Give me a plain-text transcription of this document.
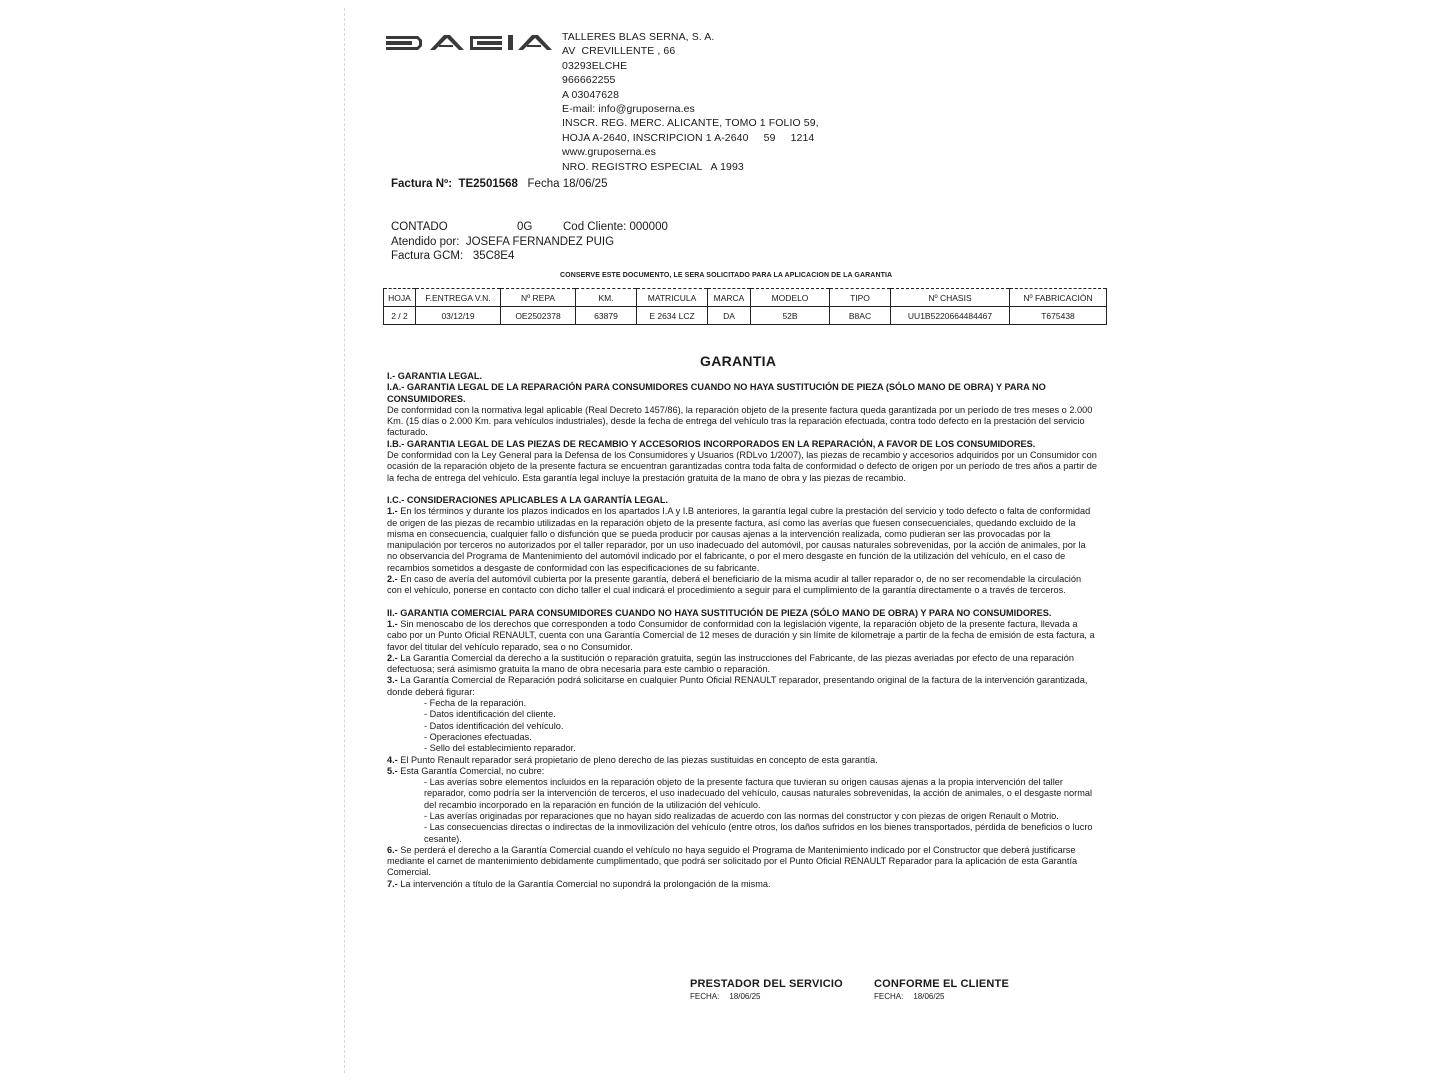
TALLERES BLAS SERNA, S. A.
AV  CREVILLENTE , 66
03293ELCHE
966662255
A 03047628
E-mail: info@gruposerna.es
INSCR. REG. MERC. ALICANTE, TOMO 1 FOLIO 59,
HOJA A-2640, INSCRIPCION 1 A-2640     59     1214
www.gruposerna.es
NRO. REGISTRO ESPECIAL   A 1993
Factura Nº: TE2501568 Fecha 18/06/25
CONTADO	0G	Cod Cliente: 000000
Atendido por: JOSEFA FERNANDEZ PUIG
Factura GCM: 35C8E4
CONSERVE ESTE DOCUMENTO, LE SERA SOLICITADO PARA LA APLICACION DE LA GARANTIA
HOJA	F.ENTREGA V.N.	Nº REPA	KM.	MATRICULA	MARCA	MODELO	TIPO	Nº CHASIS	Nº FABRICACIÓN
2 / 2	03/12/19	OE2502378	63879	E 2634 LCZ	DA	52B	B8AC	UU1B5220664484467	T675438
GARANTIA

I.- GARANTIA LEGAL.

I.A.- GARANTIA LEGAL DE LA REPARACIÓN PARA CONSUMIDORES CUANDO NO HAYA SUSTITUCIÓN DE PIEZA (SÓLO MANO DE OBRA) Y PARA NO CONSUMIDORES.

De conformidad con la normativa legal aplicable (Real Decreto 1457/86), la reparación objeto de la presente factura queda garantizada por un período de tres meses o 2.000 Km. (15 días o 2.000 Km. para vehículos industriales), desde la fecha de entrega del vehículo tras la reparación efectuada, contra todo defecto en la prestación del servicio facturado.

I.B.- GARANTIA LEGAL DE LAS PIEZAS DE RECAMBIO Y ACCESORIOS INCORPORADOS EN LA REPARACIÓN, A FAVOR DE LOS CONSUMIDORES.

De conformidad con la Ley General para la Defensa de los Consumidores y Usuarios (RDLvo 1/2007), las piezas de recambio y accesorios adquiridos por un Consumidor con ocasión de la reparación objeto de la presente factura se encuentran garantizadas contra toda falta de conformidad o defecto de origen por un período de tres años a partir de la fecha de entrega del vehículo. Esta garantía legal incluye la prestación gratuita de la mano de obra y las piezas de recambio.

I.C.- CONSIDERACIONES APLICABLES A LA GARANTÍA LEGAL.

1.- En los términos y durante los plazos indicados en los apartados I.A y I.B anteriores, la garantía legal cubre la prestación del servicio y todo defecto o falta de conformidad de origen de las piezas de recambio utilizadas en la reparación objeto de la presente factura, así como las averías que fuesen consecuenciales, quedando excluido de la misma en consecuencia, cualquier fallo o disfunción que se pueda producir por causas ajenas a la intervención realizada, como pudieran ser las provocadas por la manipulación por terceros no autorizados por el taller reparador, por un uso inadecuado del automóvil, por causas naturales sobrevenidas, por la acción de animales, por la no observancia del Programa de Mantenimiento del automóvil indicado por el fabricante, o por el mero desgaste en función de la utilización del vehículo, en el caso de recambios sometidos a desgaste de conformidad con las especificaciones de su fabricante.

2.- En caso de avería del automóvil cubierta por la presente garantía, deberá el beneficiario de la misma acudir al taller reparador o, de no ser recomendable la circulación con el vehículo, ponerse en contacto con dicho taller el cual indicará el procedimiento a seguir para el cumplimiento de la garantía directamente o a través de terceros.

II.- GARANTIA COMERCIAL PARA CONSUMIDORES CUANDO NO HAYA SUSTITUCIÓN DE PIEZA (SÓLO MANO DE OBRA) Y PARA NO CONSUMIDORES.

1.- Sin menoscabo de los derechos que corresponden a todo Consumidor de conformidad con la legislación vigente, la reparación objeto de la presente factura, llevada a cabo por un Punto Oficial RENAULT, cuenta con una Garantía Comercial de 12 meses de duración y sin límite de kilometraje a partir de la fecha de emisión de esta factura, a favor del titular del vehículo reparado, sea o no Consumidor.

2.- La Garantía Comercial da derecho a la sustitución o reparación gratuita, según las instrucciones del Fabricante, de las piezas averiadas por efecto de una reparación defectuosa; será asimismo gratuita la mano de obra necesaria para este cambio o reparación.

3.- La Garantía Comercial de Reparación podrá solicitarse en cualquier Punto Oficial RENAULT reparador, presentando original de la factura de la intervención garantizada, donde deberá figurar:

- Fecha de la reparación.

- Datos identificación del cliente.

- Datos identificación del vehículo.

- Operaciones efectuadas.

- Sello del establecimiento reparador.

4.- El Punto Renault reparador será propietario de pleno derecho de las piezas sustituidas en concepto de esta garantía.

5.- Esta Garantía Comercial, no cubre:

- Las averías sobre elementos incluidos en la reparación objeto de la presente factura que tuvieran su origen causas ajenas a la propia intervención del taller reparador, como podría ser la intervención de terceros, el uso inadecuado del vehículo, causas naturales sobrevenidas, la acción de animales, o el desgaste normal del recambio incorporado en la reparación en función de la utilización del vehículo.

- Las averías originadas por reparaciones que no hayan sido realizadas de acuerdo con las normas del constructor y con piezas de origen Renault o Motrio.

- Las consecuencias directas o indirectas de la inmovilización del vehículo (entre otros, los daños sufridos en los bienes transportados, pérdida de beneficios o lucro cesante).

6.- Se perderá el derecho a la Garantía Comercial cuando el vehículo no haya seguido el Programa de Mantenimiento indicado por el Constructor que deberá justificarse mediante el carnet de mantenimiento debidamente cumplimentado, que podrá ser solicitado por el Punto Oficial RENAULT Reparador para la aplicación de esta Garantía Comercial.

7.- La intervención a título de la Garantía Comercial no supondrá la prolongación de la misma.

PRESTADOR DEL SERVICIO
FECHA: 18/06/25
CONFORME EL CLIENTE
FECHA: 18/06/25
